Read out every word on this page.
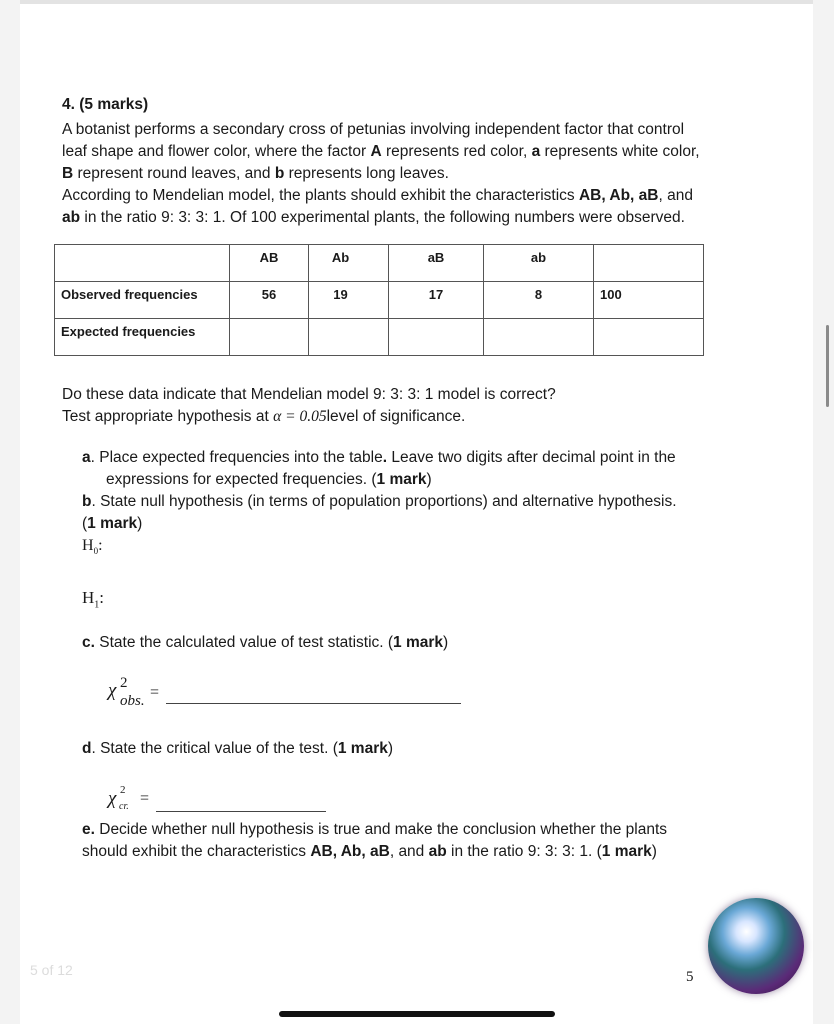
4. (5 marks)
A botanist performs a secondary cross of petunias involving independent factor that control
leaf shape and flower color, where the factor A represents red color, a represents white color,
B represent round leaves, and b represents long leaves.
According to Mendelian model, the plants should exhibit the characteristics AB, Ab, aB, and
ab in the ratio 9: 3: 3: 1. Of 100 experimental plants, the following numbers were observed.
	AB	Ab	aB	ab	
Observed frequencies	56	19	17	8	100
Expected frequencies					
Do these data indicate that Mendelian model 9: 3: 3: 1 model is correct?
Test appropriate hypothesis at α = 0.05level of significance.
a. Place expected frequencies into the table. Leave two digits after decimal point in the
expressions for expected frequencies. (1 mark)
b. State null hypothesis (in terms of population proportions) and alternative hypothesis.
(1 mark)
$H_0$:
$H_1$:
c. State the calculated value of test statistic. (1 mark)
χ 2
obs. =
d. State the critical value of the test. (1 mark)
χ 2
cr. =
e. Decide whether null hypothesis is true and make the conclusion whether the plants
should exhibit the characteristics AB, Ab, aB, and ab in the ratio 9: 3: 3: 1. (1 mark)
5
5 of 12
